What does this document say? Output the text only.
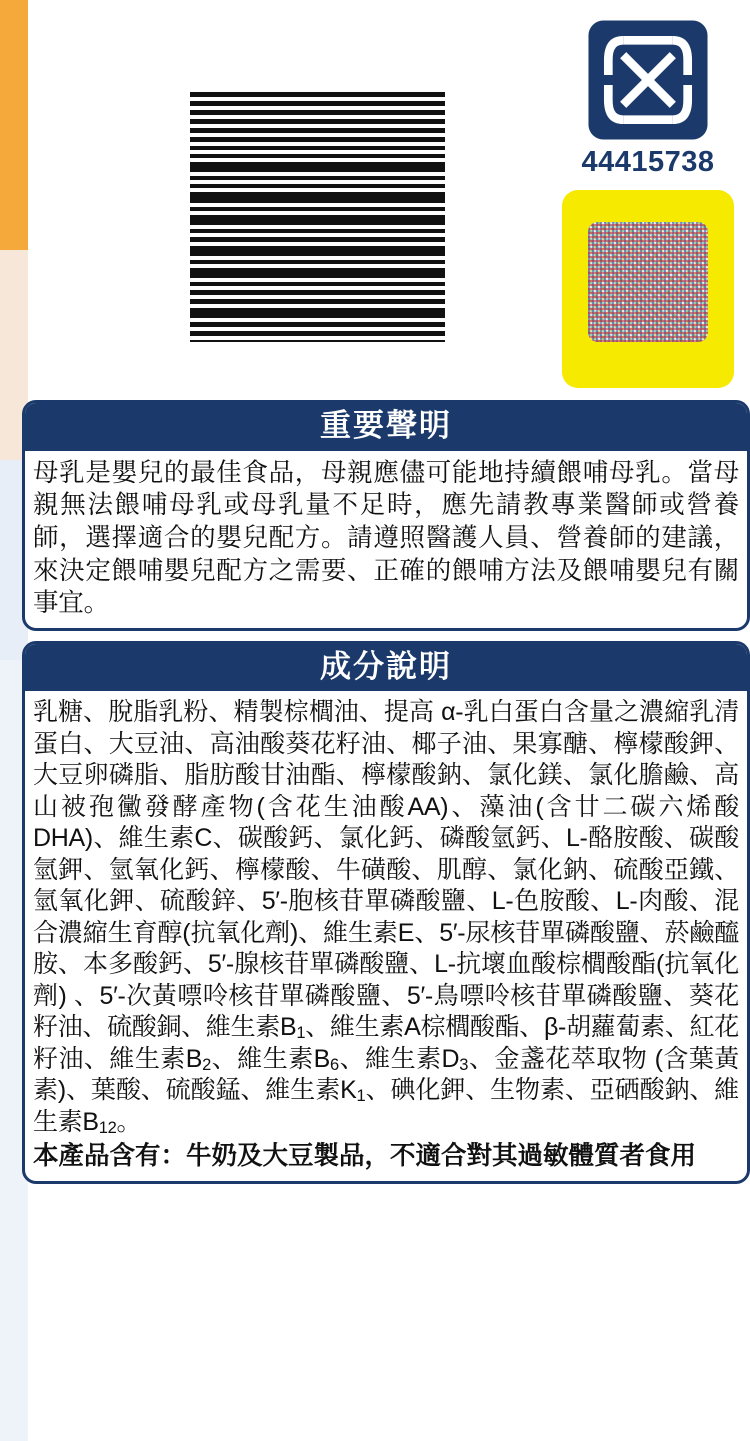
44415738
重要聲明
母乳是嬰兒的最佳食品，母親應儘可能地持續餵哺母乳。當母親無法餵哺母乳或母乳量不足時，應先請教專業醫師或營養師，選擇適合的嬰兒配方。請遵照醫護人員、營養師的建議，來決定餵哺嬰兒配方之需要、正確的餵哺方法及餵哺嬰兒有關事宜。
成分說明
乳糖、脫脂乳粉、精製棕櫚油、提高 α-乳白蛋白含量之濃縮乳清蛋白、大豆油、高油酸葵花籽油、椰子油、果寡醣、檸檬酸鉀、大豆卵磷脂、脂肪酸甘油酯、檸檬酸鈉、氯化鎂、氯化膽鹼、高山被孢黴發酵產物(含花生油酸AA)、藻油(含廿二碳六烯酸DHA)、維生素C、碳酸鈣、氯化鈣、磷酸氫鈣、L-酪胺酸、碳酸氫鉀、氫氧化鈣、檸檬酸、牛磺酸、肌醇、氯化鈉、硫酸亞鐵、氫氧化鉀、硫酸鋅、5′-胞核苷單磷酸鹽、L-色胺酸、L-肉酸、混合濃縮生育醇(抗氧化劑)、維生素E、5′-尿核苷單磷酸鹽、菸鹼醯胺、本多酸鈣、5′-腺核苷單磷酸鹽、L-抗壞血酸棕櫚酸酯(抗氧化劑) 、5′-次黃嘌呤核苷單磷酸鹽、5′-鳥嘌呤核苷單磷酸鹽、葵花籽油、硫酸銅、維生素$B_1$、維生素A棕櫚酸酯、β-胡蘿蔔素、紅花籽油、維生素$B_2$、維生素$B_6$、維生素$D_3$、金盞花萃取物 (含葉黃素)、葉酸、硫酸錳、維生素$K_1$、碘化鉀、生物素、亞硒酸鈉、維生素$B_{12}$。
本產品含有：牛奶及大豆製品，不適合對其過敏體質者食用
